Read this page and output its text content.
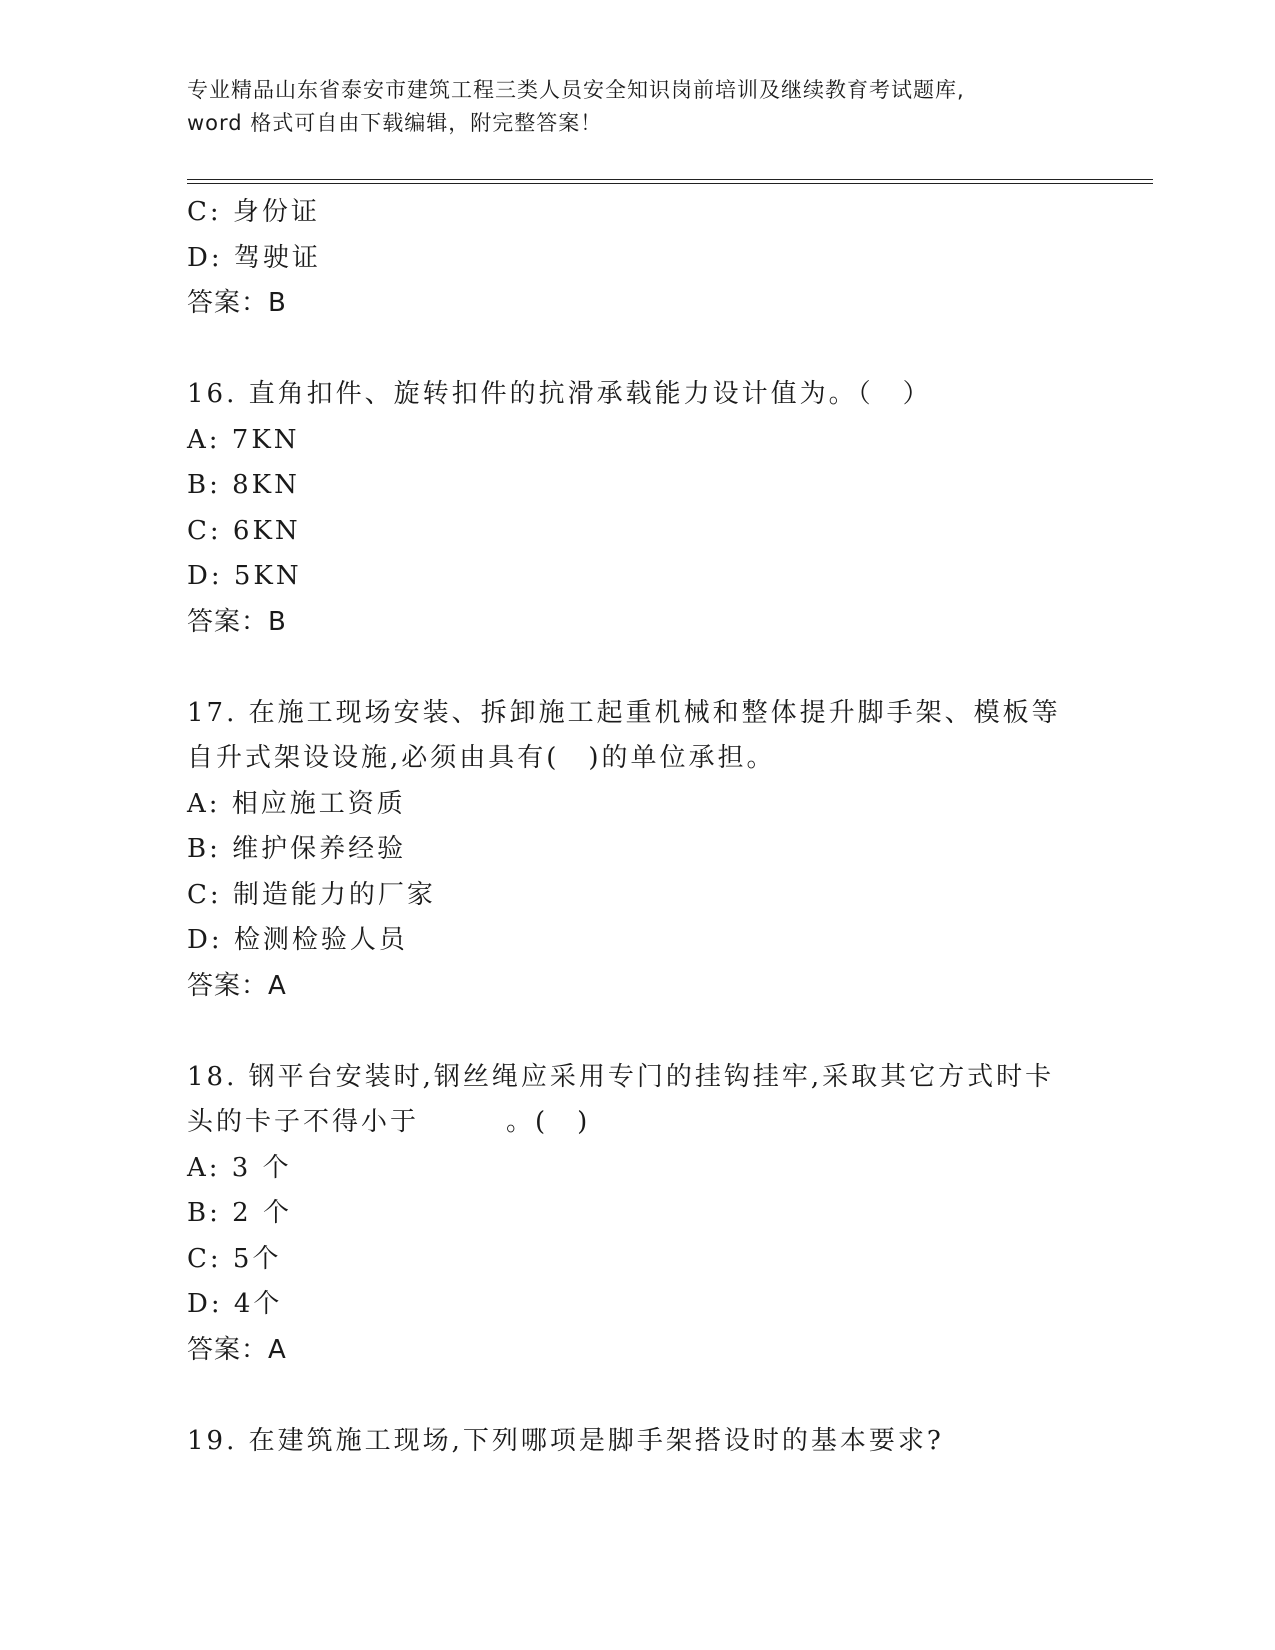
专业精品山东省泰安市建筑工程三类人员安全知识岗前培训及继续教育考试题库,
word 格式可自由下载编辑，附完整答案！
C: 身份证
D: 驾驶证
答案：B
16. 直角扣件、旋转扣件的抗滑承载能力设计值为。（　）
A: 7KN
B: 8KN
C: 6KN
D: 5KN
答案：B
17. 在施工现场安装、拆卸施工起重机械和整体提升脚手架、模板等
自升式架设设施,必须由具有(　)的单位承担。
A: 相应施工资质
B: 维护保养经验
C: 制造能力的厂家
D: 检测检验人员
答案：A
18. 钢平台安装时,钢丝绳应采用专门的挂钩挂牢,采取其它方式时卡
头的卡子不得小于　　　。(　)
A: 3 个
B: 2 个
C: 5个
D: 4个
答案：A
19. 在建筑施工现场,下列哪项是脚手架搭设时的基本要求?
